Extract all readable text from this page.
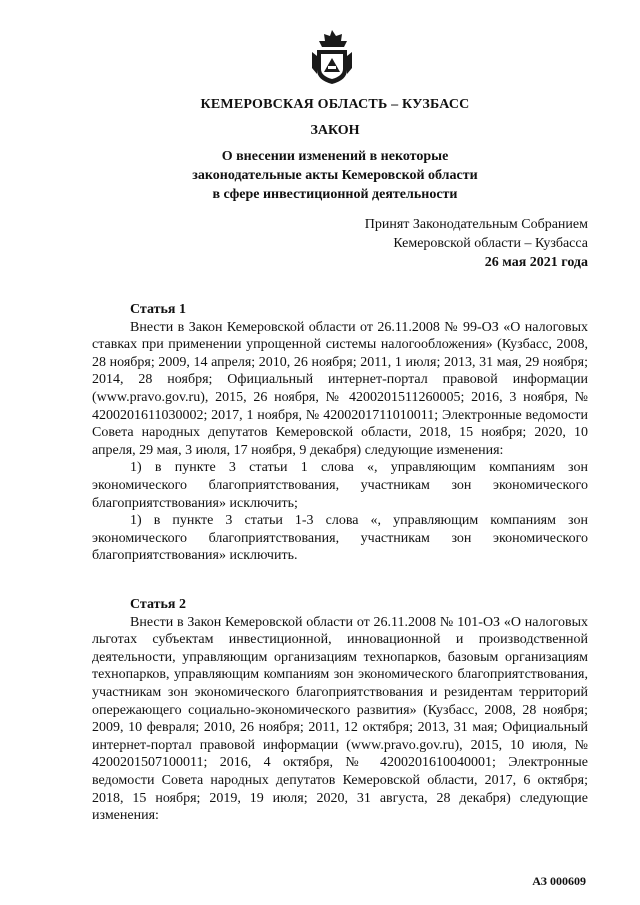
КЕМЕРОВСКАЯ ОБЛАСТЬ – КУЗБАСС
ЗАКОН
О внесении изменений в некоторые
законодательные акты Кемеровской области
в сфере инвестиционной деятельности
Принят Законодательным Собранием
Кемеровской области – Кузбасса
26 мая 2021 года
Статья 1

Внести в Закон Кемеровской области от 26.11.2008 № 99-ОЗ «О налоговых ставках при применении упрощенной системы налогообложения» (Кузбасс, 2008, 28 ноября; 2009, 14 апреля; 2010, 26 ноября; 2011, 1 июля; 2013, 31 мая, 29 ноября; 2014, 28 ноября; Официальный интернет-портал правовой информации (www.pravo.gov.ru), 2015, 26 ноября, № 4200201511260005; 2016, 3 ноября, № 4200201611030002; 2017, 1 ноября, № 4200201711010011; Электронные ведомости Совета народных депутатов Кемеровской области, 2018, 15 ноября; 2020, 10 апреля, 29 мая, 3 июля, 17 ноября, 9 декабря) следующие изменения:

1) в пункте 3 статьи 1 слова «, управляющим компаниям зон экономического благоприятствования, участникам зон экономического благоприятствования» исключить;

1) в пункте 3 статьи 1-3 слова «, управляющим компаниям зон экономического благоприятствования, участникам зон экономического благоприятствования» исключить.

Статья 2

Внести в Закон Кемеровской области от 26.11.2008 № 101-ОЗ «О налоговых льготах субъектам инвестиционной, инновационной и производственной деятельности, управляющим организациям технопарков, базовым организациям технопарков, управляющим компаниям зон экономического благоприятствования, участникам зон экономического благоприятствования и резидентам территорий опережающего социально-экономического развития» (Кузбасс, 2008, 28 ноября; 2009, 10 февраля; 2010, 26 ноября; 2011, 12 октября; 2013, 31 мая; Официальный интернет-портал правовой информации (www.pravo.gov.ru), 2015, 10 июля, № 4200201507100011; 2016, 4 октября, № 4200201610040001; Электронные ведомости Совета народных депутатов Кемеровской области, 2017, 6 октября; 2018, 15 ноября; 2019, 19 июля; 2020, 31 августа, 28 декабря) следующие изменения:

АЗ 000609
